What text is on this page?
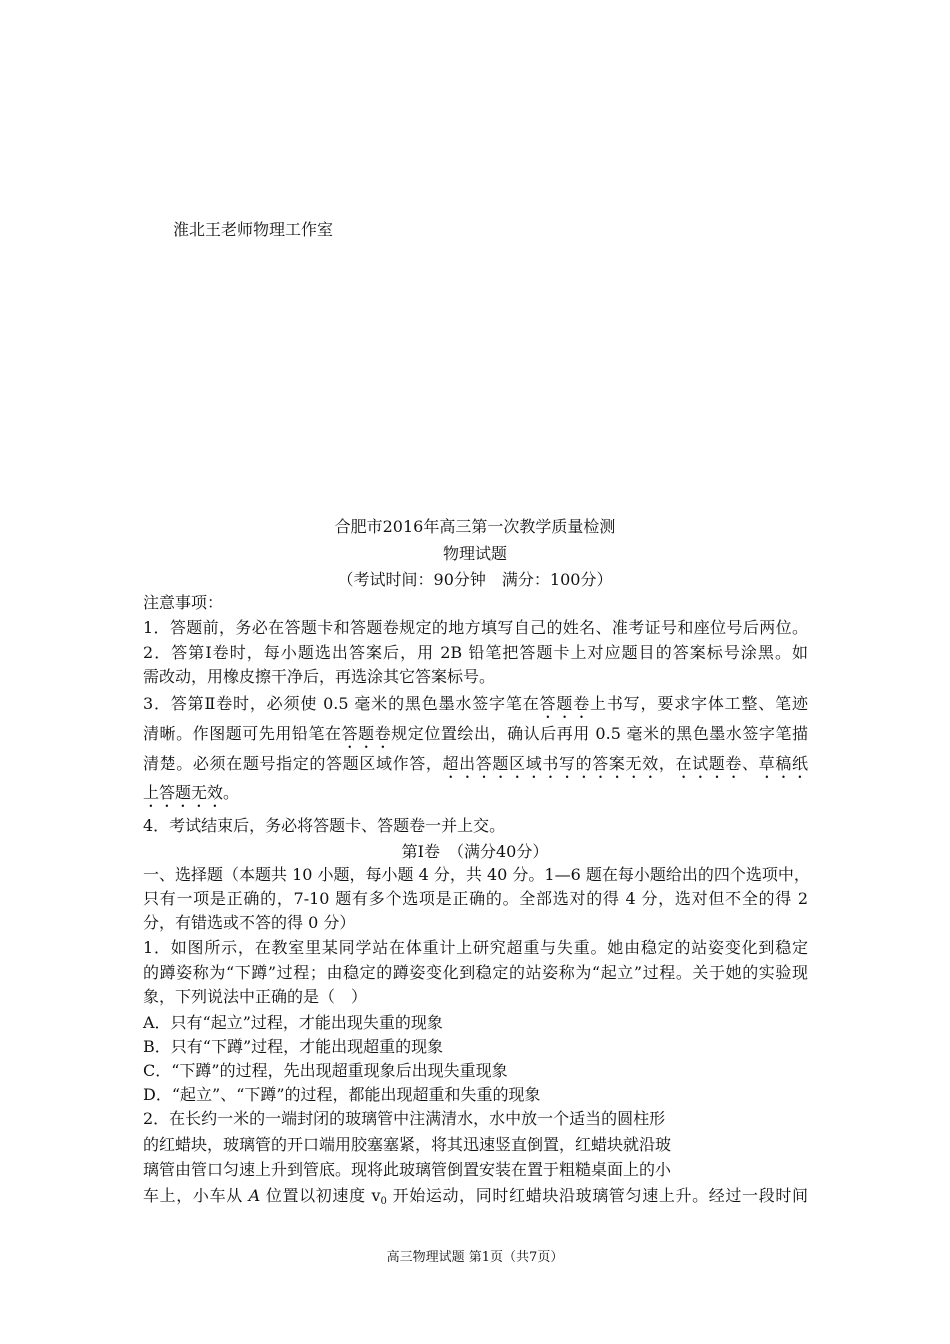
淮北王老师物理工作室
合肥市2016年高三第一次教学质量检测
物理试题
（考试时间：90分钟　满分：100分）
注意事项：
1．答题前，务必在答题卡和答题卷规定的地方填写自己的姓名、准考证号和座位号后两位。
2．答第Ⅰ卷时，每小题选出答案后，用 2B 铅笔把答题卡上对应题目的答案标号涂黑。如
需改动，用橡皮擦干净后，再选涂其它答案标号。
3．答第Ⅱ卷时，必须使 0.5 毫米的黑色墨水签字笔在答题卷上书写，要求字体工整、笔迹
清晰。作图题可先用铅笔在答题卷规定位置绘出，确认后再用 0.5 毫米的黑色墨水签字笔描
清楚。必须在题号指定的答题区域作答，超出答题区域书写的答案无效，在试题卷、草稿纸
上答题无效。
4．考试结束后，务必将答题卡、答题卷一并上交。
第Ⅰ卷　（满分40分）
一、选择题（本题共 10 小题，每小题 4 分，共 40 分。1—6 题在每小题给出的四个选项中，
只有一项是正确的，7-10 题有多个选项是正确的。全部选对的得 4 分，选对但不全的得 2
分，有错选或不答的得 0 分）
1．如图所示，在教室里某同学站在体重计上研究超重与失重。她由稳定的站姿变化到稳定
的蹲姿称为“下蹲”过程；由稳定的蹲姿变化到稳定的站姿称为“起立”过程。关于她的实验现
象，下列说法中正确的是（　）
A．只有“起立”过程，才能出现失重的现象
B．只有“下蹲”过程，才能出现超重的现象
C．“下蹲”的过程，先出现超重现象后出现失重现象
D．“起立”、“下蹲”的过程，都能出现超重和失重的现象
2．在长约一米的一端封闭的玻璃管中注满清水，水中放一个适当的圆柱形
的红蜡块，玻璃管的开口端用胶塞塞紧，将其迅速竖直倒置，红蜡块就沿玻
璃管由管口匀速上升到管底。现将此玻璃管倒置安装在置于粗糙桌面上的小
车上，小车从 A 位置以初速度 $v_0$ 开始运动，同时红蜡块沿玻璃管匀速上升。经过一段时间
高三物理试题 第1页（共7页）
